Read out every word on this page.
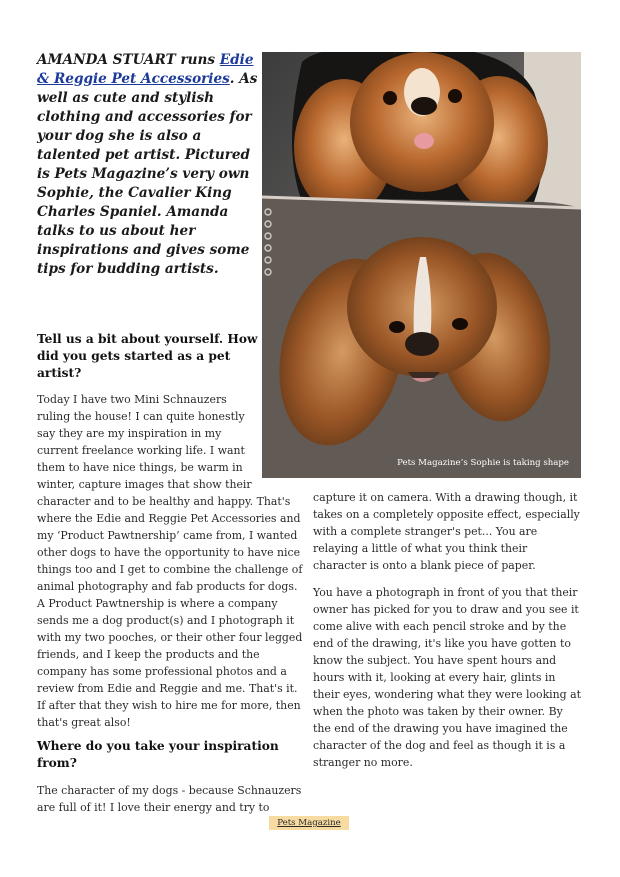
AMANDA STUART runs Edie & Reggie Pet Accessories. As well as cute and stylish clothing and accessories for your dog she is also a talented pet artist. Pictured is Pets Magazine’s very own Sophie, the Cavalier King Charles Spaniel. Amanda talks to us about her inspirations and gives some tips for budding artists.

Pets Magazine’s Sophie is taking shape

Tell us a bit about yourself. How did you gets started as a pet artist?

Today I have two Mini Schnauzers ruling the house! I can quite honestly say they are my inspiration in my current freelance working life. I want them to have nice things, be warm in winter, capture images that show their

character and to be healthy and happy. That's where the Edie and Reggie Pet Accessories and my ‘Product Pawtnership’ came from, I wanted other dogs to have the opportunity to have nice things too and I get to combine the challenge of animal photography and fab products for dogs. A Product Pawtnership is where a company sends me a dog product(s) and I photograph it with my two pooches, or their other four legged friends, and I keep the products and the company has some professional photos and a review from Edie and Reggie and me. That's it. If after that they wish to hire me for more, then that's great also!

Where do you take your inspiration from?

The character of my dogs - because Schnauzers are full of it! I love their energy and try to

capture it on camera. With a drawing though, it takes on a completely opposite effect, especially with a complete stranger's pet... You are relaying a little of what you think their character is onto a blank piece of paper.

You have a photograph in front of you that their owner has picked for you to draw and you see it come alive with each pencil stroke and by the end of the drawing, it's like you have gotten to know the subject. You have spent hours and hours with it, looking at every hair, glints in their eyes, wondering what they were looking at when the photo was taken by their owner. By the end of the drawing you have imagined the character of the dog and feel as though it is a stranger no more.

Pets Magazine
